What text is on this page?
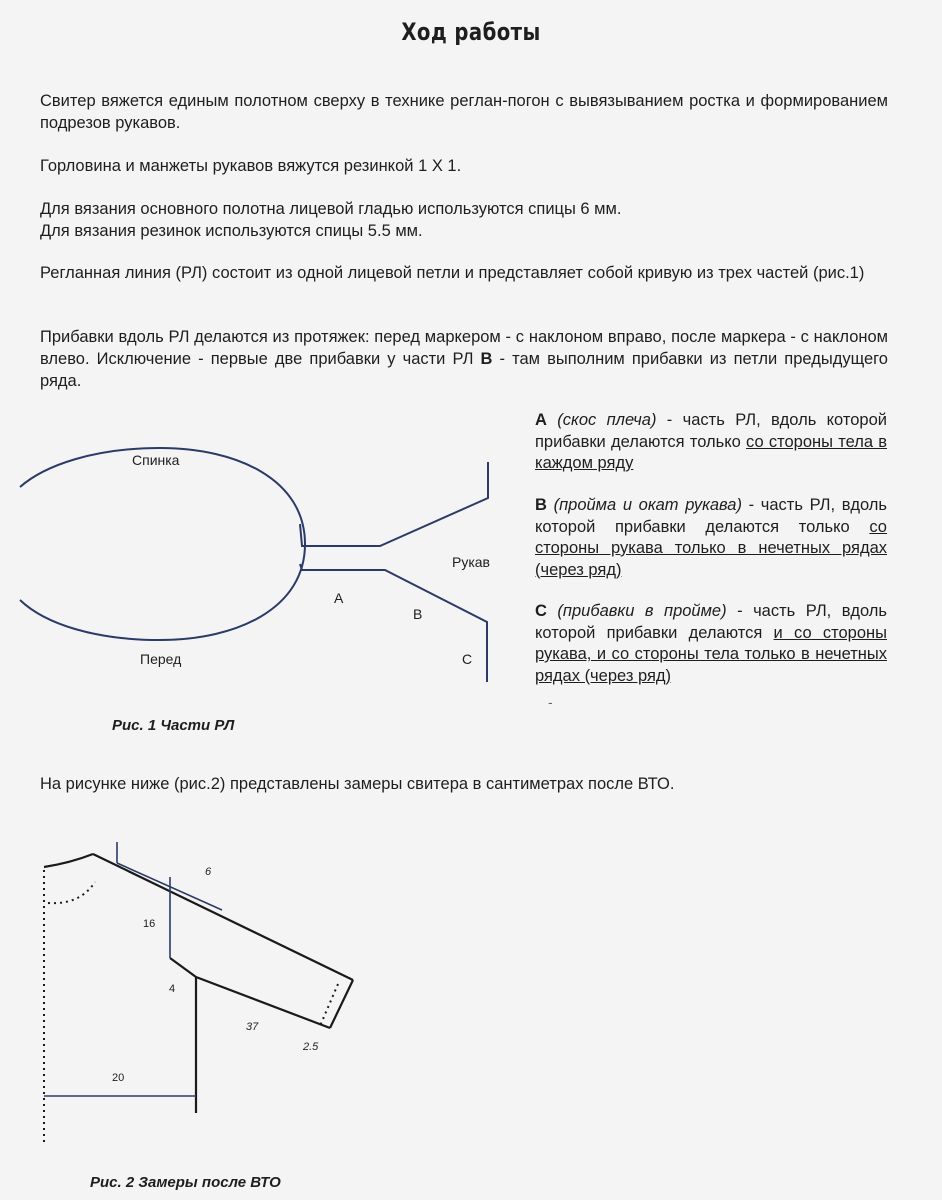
Ход работы

Свитер вяжется единым полотном сверху в технике реглан-погон с вывязыванием ростка и формированием подрезов рукавов.

Горловина и манжеты рукавов вяжутся резинкой 1 Х 1.

Для вязания основного полотна лицевой гладью используются спицы 6 мм.
Для вязания резинок используются спицы 5.5 мм.

Регланная линия (РЛ) состоит из одной лицевой петли и представляет собой кривую из трех частей (рис.1)

Прибавки вдоль РЛ делаются из протяжек: перед маркером - с наклоном вправо, после маркера - с наклоном влево. Исключение - первые две прибавки у части РЛ В - там выполним прибавки из петли предыдущего ряда.

А (скос плеча) - часть РЛ, вдоль которой прибавки делаются только со стороны тела в каждом ряду

В (пройма и окат рукава) - часть РЛ, вдоль которой прибавки делаются только со стороны рукава только в нечетных рядах (через ряд)

С (прибавки в пройме) - часть РЛ, вдоль которой прибавки делаются и со стороны рукава, и со стороны тела только в нечетных рядах (через ряд)

-
Спинка
Перед
Рукав
A
B
C
Рис. 1 Части РЛ

На рисунке ниже (рис.2) представлены замеры свитера в сантиметрах после ВТО.

6
16
4
37
2.5
20
Рис. 2 Замеры после ВТО
